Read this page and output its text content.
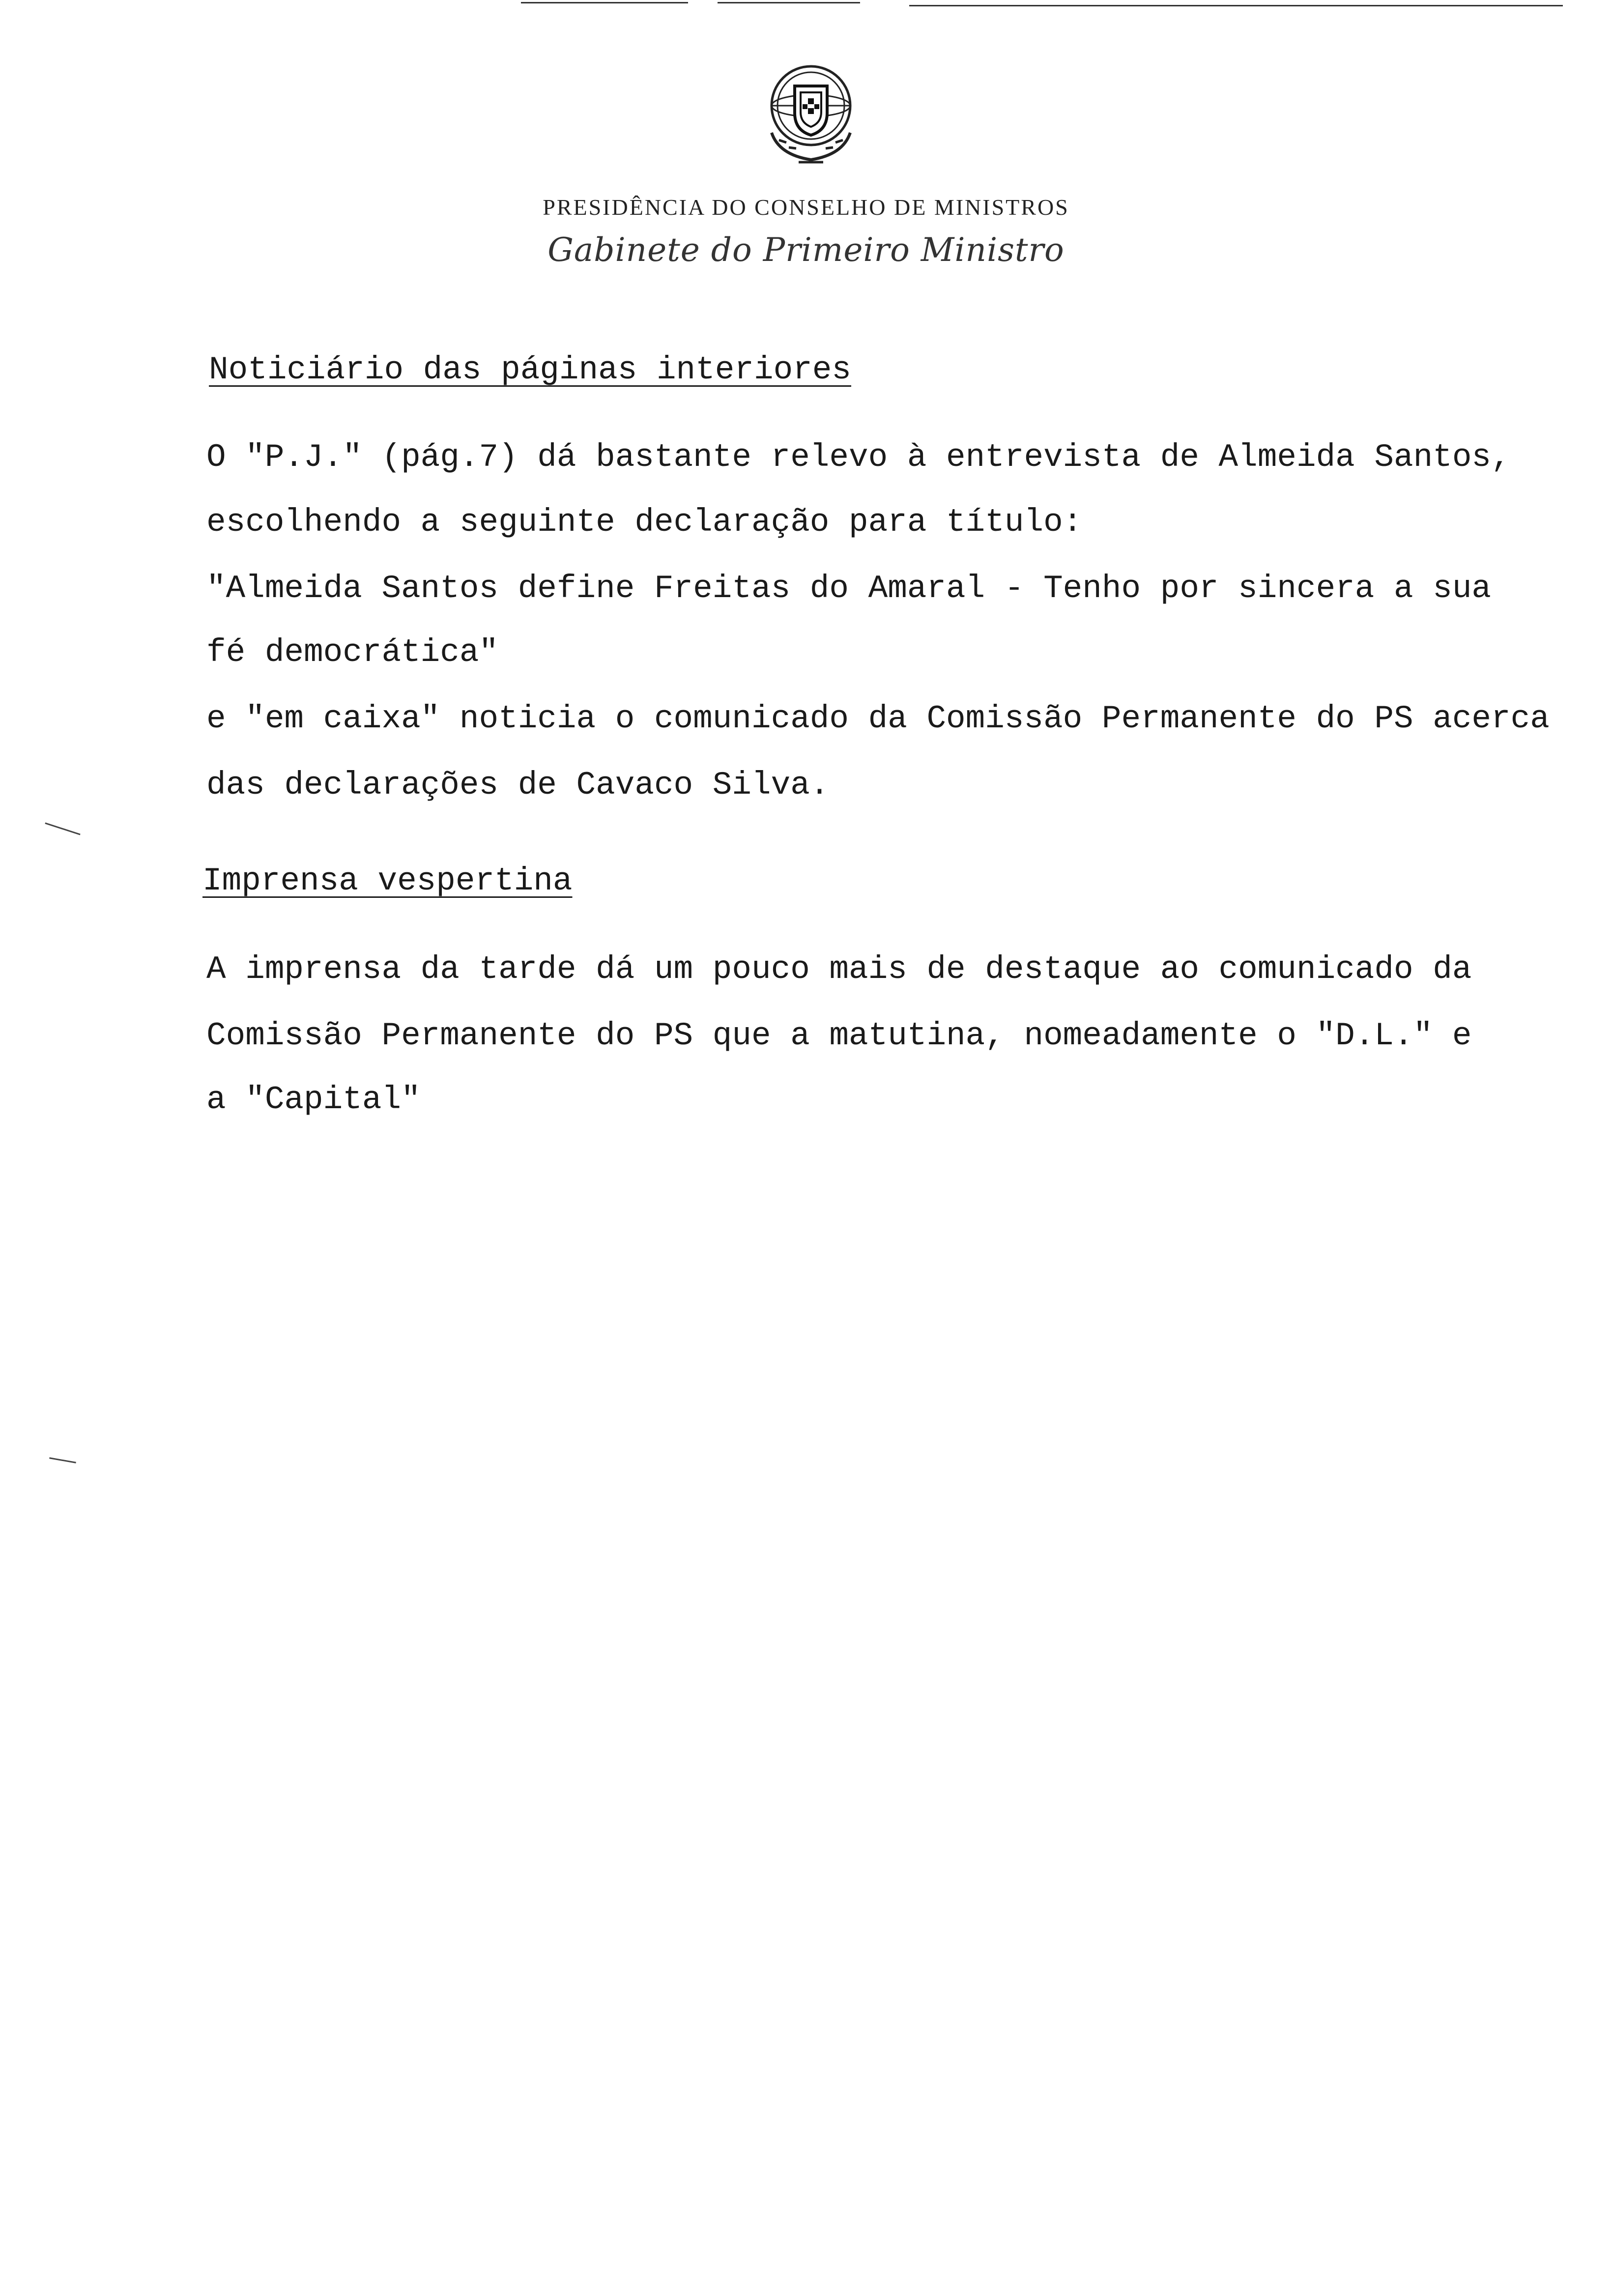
PRESIDÊNCIA DO CONSELHO DE MINISTROS
Gabinete do Primeiro Ministro
Noticiário das páginas interiores
O "P.J." (pág.7) dá bastante relevo à entrevista de Almeida Santos,
escolhendo a seguinte declaração para título:
"Almeida Santos define Freitas do Amaral - Tenho por sincera a sua
fé democrática"
e "em caixa" noticia o comunicado da Comissão Permanente do PS acerca
das declarações de Cavaco Silva.
Imprensa vespertina
A imprensa da tarde dá um pouco mais de destaque ao comunicado da
Comissão Permanente do PS que a matutina, nomeadamente o "D.L." e
a "Capital"
